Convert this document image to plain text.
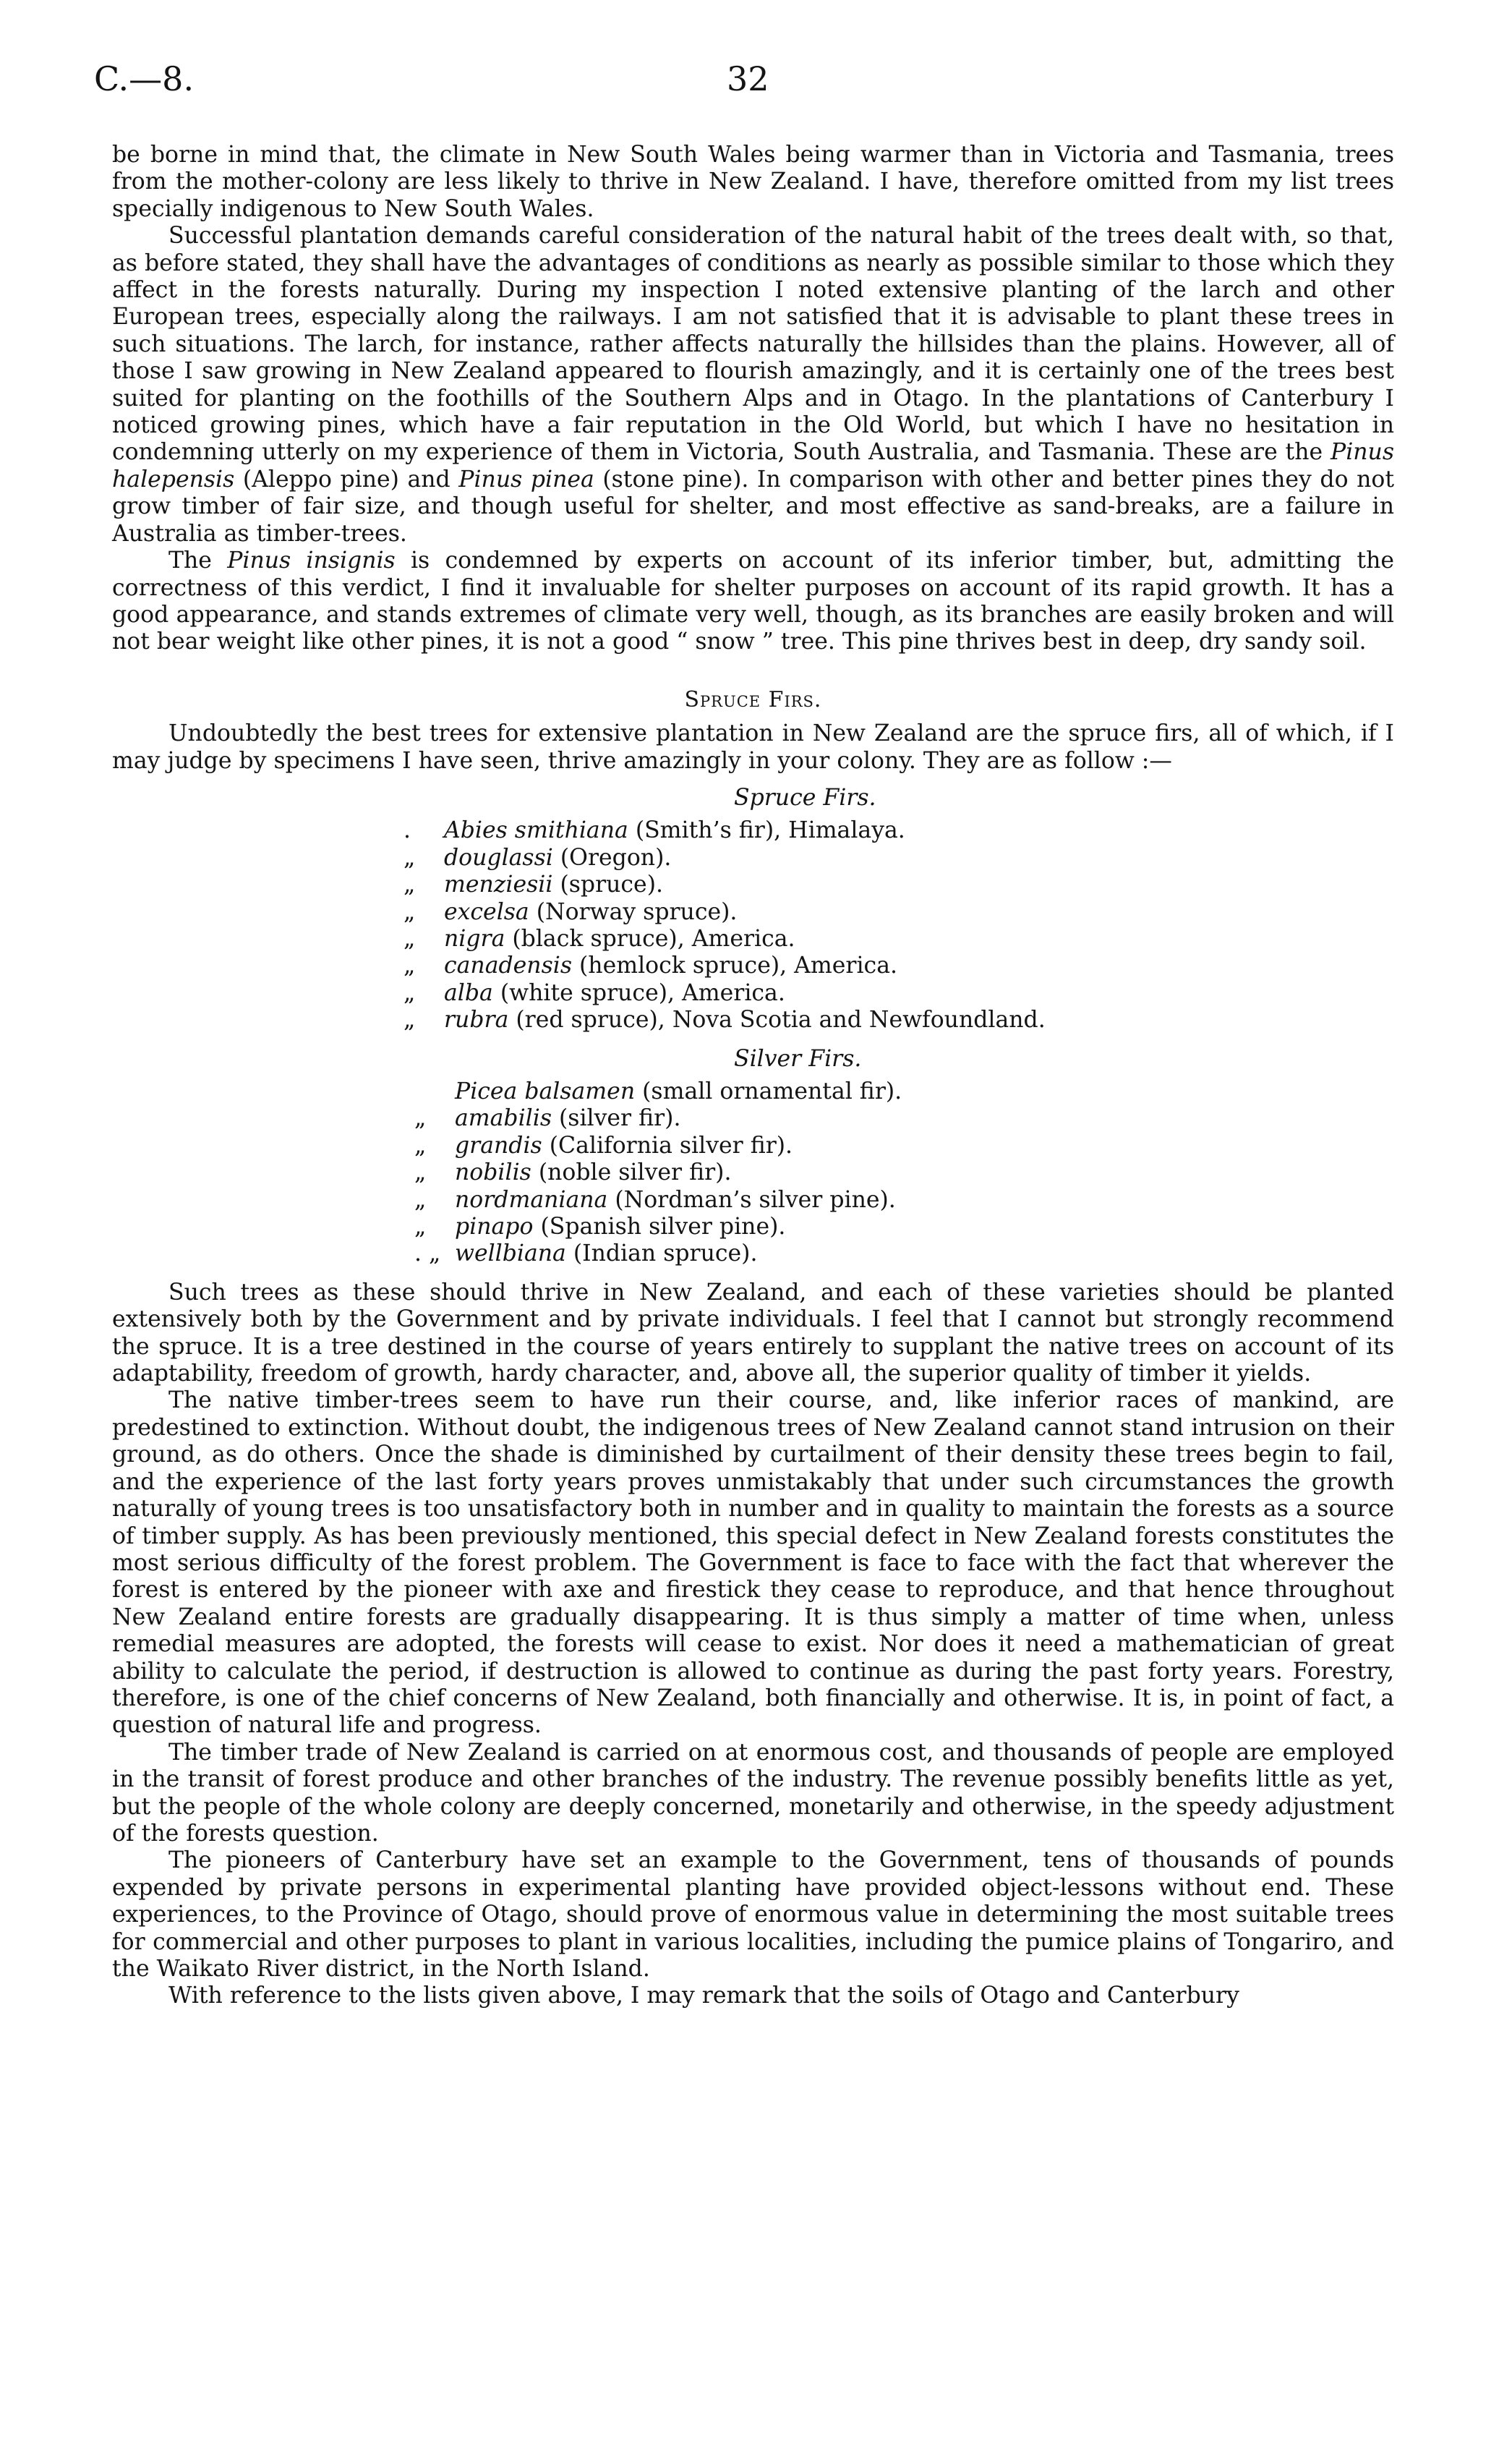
C.—8.	32

be borne in mind that, the climate in New South Wales being warmer than in Victoria and Tasmania, trees from the mother-colony are less likely to thrive in New Zealand. I have, therefore omitted from my list trees specially indigenous to New South Wales.

Successful plantation demands careful consideration of the natural habit of the trees dealt with, so that, as before stated, they shall have the advantages of conditions as nearly as possible similar to those which they affect in the forests naturally. During my inspection I noted extensive planting of the larch and other European trees, especially along the railways. I am not satisfied that it is advisable to plant these trees in such situations. The larch, for instance, rather affects naturally the hillsides than the plains. However, all of those I saw growing in New Zealand appeared to flourish amazingly, and it is certainly one of the trees best suited for planting on the foothills of the Southern Alps and in Otago. In the plantations of Canterbury I noticed growing pines, which have a fair reputation in the Old World, but which I have no hesitation in condemning utterly on my experience of them in Victoria, South Australia, and Tasmania. These are the Pinus halepensis (Aleppo pine) and Pinus pinea (stone pine). In comparison with other and better pines they do not grow timber of fair size, and though useful for shelter, and most effective as sand-breaks, are a failure in Australia as timber-trees.

The Pinus insignis is condemned by experts on account of its inferior timber, but, admitting the correctness of this verdict, I find it invaluable for shelter purposes on account of its rapid growth. It has a good appearance, and stands extremes of climate very well, though, as its branches are easily broken and will not bear weight like other pines, it is not a good “ snow ” tree. This pine thrives best in deep, dry sandy soil.

Spruce Firs.

Undoubtedly the best trees for extensive plantation in New Zealand are the spruce firs, all of which, if I may judge by specimens I have seen, thrive amazingly in your colony. They are as follow :—

Spruce Firs.
. Abies smithiana (Smith’s fir), Himalaya.
„ douglassi (Oregon).
„ menziesii (spruce).
„ excelsa (Norway spruce).
„ nigra (black spruce), America.
„ canadensis (hemlock spruce), America.
„ alba (white spruce), America.
„ rubra (red spruce), Nova Scotia and Newfoundland.
Silver Firs.
Picea balsamen (small ornamental fir).
„ amabilis (silver fir).
„ grandis (California silver fir).
„ nobilis (noble silver fir).
„ nordmaniana (Nordman’s silver pine).
„ pinapo (Spanish silver pine).
. „ wellbiana (Indian spruce).

Such trees as these should thrive in New Zealand, and each of these varieties should be planted extensively both by the Government and by private individuals. I feel that I cannot but strongly recommend the spruce. It is a tree destined in the course of years entirely to supplant the native trees on account of its adaptability, freedom of growth, hardy character, and, above all, the superior quality of timber it yields.

The native timber-trees seem to have run their course, and, like inferior races of mankind, are predestined to extinction. Without doubt, the indigenous trees of New Zealand cannot stand intrusion on their ground, as do others. Once the shade is diminished by curtailment of their density these trees begin to fail, and the experience of the last forty years proves unmistakably that under such circumstances the growth naturally of young trees is too unsatisfactory both in number and in quality to maintain the forests as a source of timber supply. As has been previously mentioned, this special defect in New Zealand forests constitutes the most serious difficulty of the forest problem. The Government is face to face with the fact that wherever the forest is entered by the pioneer with axe and firestick they cease to reproduce, and that hence throughout New Zealand entire forests are gradually disappearing. It is thus simply a matter of time when, unless remedial measures are adopted, the forests will cease to exist. Nor does it need a mathematician of great ability to calculate the period, if destruction is allowed to continue as during the past forty years. Forestry, therefore, is one of the chief concerns of New Zealand, both financially and otherwise. It is, in point of fact, a question of natural life and progress.

The timber trade of New Zealand is carried on at enormous cost, and thousands of people are employed in the transit of forest produce and other branches of the industry. The revenue possibly benefits little as yet, but the people of the whole colony are deeply concerned, monetarily and otherwise, in the speedy adjustment of the forests question.

The pioneers of Canterbury have set an example to the Government, tens of thousands of pounds expended by private persons in experimental planting have provided object-lessons without end. These experiences, to the Province of Otago, should prove of enormous value in determining the most suitable trees for commercial and other purposes to plant in various localities, including the pumice plains of Tongariro, and the Waikato River district, in the North Island.

With reference to the lists given above, I may remark that the soils of Otago and Canterbury
